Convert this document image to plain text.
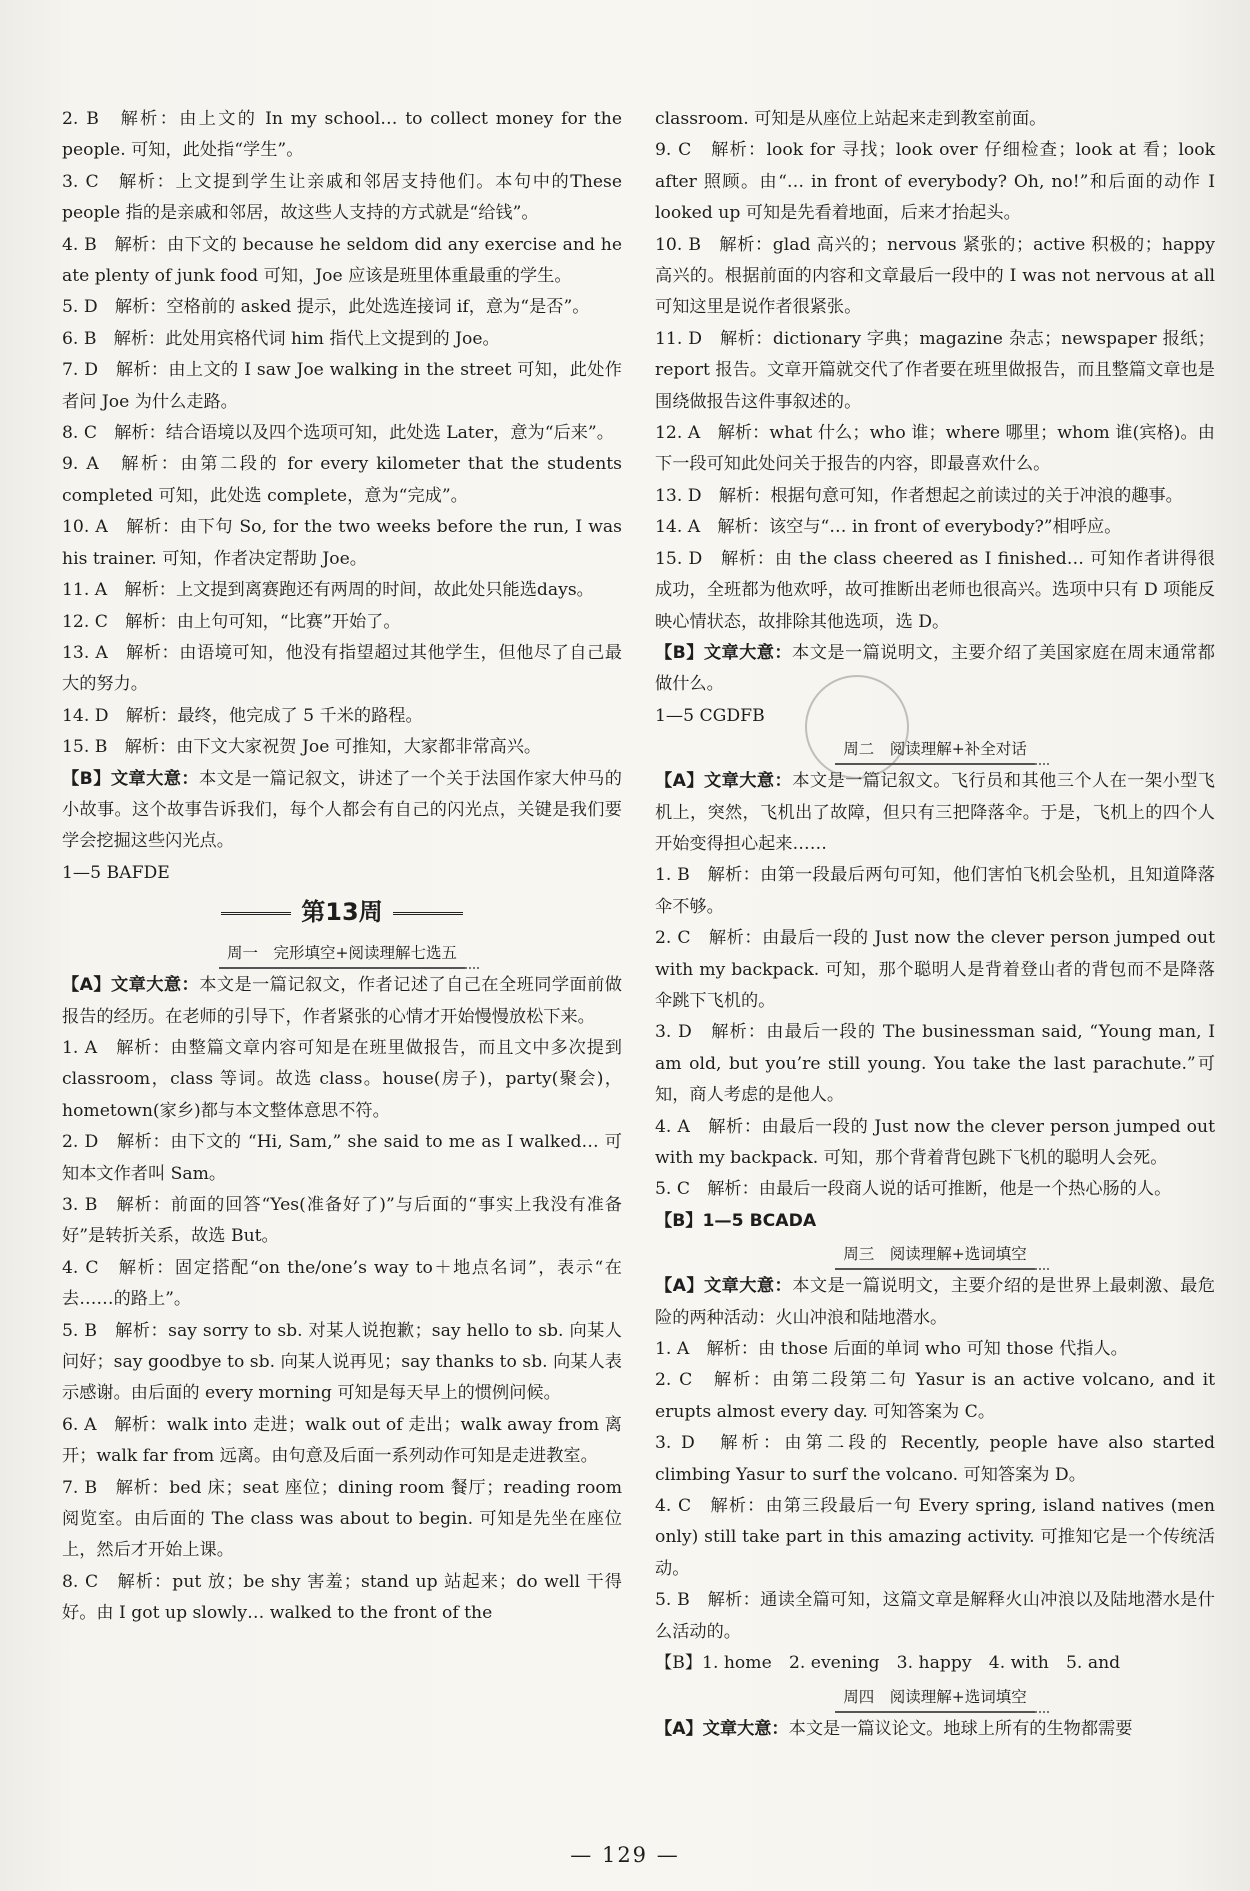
2. B　解析：由上文的 In my school… to collect money for the people. 可知，此处指“学生”。

3. C　解析：上文提到学生让亲戚和邻居支持他们。本句中的These people 指的是亲戚和邻居，故这些人支持的方式就是“给钱”。

4. B　解析：由下文的 because he seldom did any exercise and he ate plenty of junk food 可知，Joe 应该是班里体重最重的学生。

5. D　解析：空格前的 asked 提示，此处选连接词 if，意为“是否”。

6. B　解析：此处用宾格代词 him 指代上文提到的 Joe。

7. D　解析：由上文的 I saw Joe walking in the street 可知，此处作者问 Joe 为什么走路。

8. C　解析：结合语境以及四个选项可知，此处选 Later，意为“后来”。

9. A　解析：由第二段的 for every kilometer that the students completed 可知，此处选 complete，意为“完成”。

10. A　解析：由下句 So, for the two weeks before the run, I was his trainer. 可知，作者决定帮助 Joe。

11. A　解析：上文提到离赛跑还有两周的时间，故此处只能选days。

12. C　解析：由上句可知，“比赛”开始了。

13. A　解析：由语境可知，他没有指望超过其他学生，但他尽了自己最大的努力。

14. D　解析：最终，他完成了 5 千米的路程。

15. B　解析：由下文大家祝贺 Joe 可推知，大家都非常高兴。

【B】文章大意：本文是一篇记叙文，讲述了一个关于法国作家大仲马的小故事。这个故事告诉我们，每个人都会有自己的闪光点，关键是我们要学会挖掘这些闪光点。

1—5 BAFDE

第13周
周一　完形填空+阅读理解七选五

【A】文章大意：本文是一篇记叙文，作者记述了自己在全班同学面前做报告的经历。在老师的引导下，作者紧张的心情才开始慢慢放松下来。

1. A　解析：由整篇文章内容可知是在班里做报告，而且文中多次提到 classroom，class 等词。故选 class。house(房子)，party(聚会)，hometown(家乡)都与本文整体意思不符。

2. D　解析：由下文的 “Hi, Sam,” she said to me as I walked… 可知本文作者叫 Sam。

3. B　解析：前面的回答“Yes(准备好了)”与后面的“事实上我没有准备好”是转折关系，故选 But。

4. C　解析：固定搭配“on the/one’s way to＋地点名词”，表示“在去……的路上”。

5. B　解析：say sorry to sb. 对某人说抱歉；say hello to sb. 向某人问好；say goodbye to sb. 向某人说再见；say thanks to sb. 向某人表示感谢。由后面的 every morning 可知是每天早上的惯例问候。

6. A　解析：walk into 走进；walk out of 走出；walk away from 离开；walk far from 远离。由句意及后面一系列动作可知是走进教室。

7. B　解析：bed 床；seat 座位；dining room 餐厅；reading room 阅览室。由后面的 The class was about to begin. 可知是先坐在座位上，然后才开始上课。

8. C　解析：put 放；be shy 害羞；stand up 站起来；do well 干得好。由 I got up slowly… walked to the front of the

classroom. 可知是从座位上站起来走到教室前面。

9. C　解析：look for 寻找；look over 仔细检查；look at 看；look after 照顾。由“… in front of everybody? Oh, no!”和后面的动作 I looked up 可知是先看着地面，后来才抬起头。

10. B　解析：glad 高兴的；nervous 紧张的；active 积极的；happy 高兴的。根据前面的内容和文章最后一段中的 I was not nervous at all 可知这里是说作者很紧张。

11. D　解析：dictionary 字典；magazine 杂志；newspaper 报纸；report 报告。文章开篇就交代了作者要在班里做报告，而且整篇文章也是围绕做报告这件事叙述的。

12. A　解析：what 什么；who 谁；where 哪里；whom 谁(宾格)。由下一段可知此处问关于报告的内容，即最喜欢什么。

13. D　解析：根据句意可知，作者想起之前读过的关于冲浪的趣事。

14. A　解析：该空与“… in front of everybody?”相呼应。

15. D　解析：由 the class cheered as I finished… 可知作者讲得很成功，全班都为他欢呼，故可推断出老师也很高兴。选项中只有 D 项能反映心情状态，故排除其他选项，选 D。

【B】文章大意：本文是一篇说明文，主要介绍了美国家庭在周末通常都做什么。

1—5 CGDFB

周二　阅读理解+补全对话

【A】文章大意：本文是一篇记叙文。飞行员和其他三个人在一架小型飞机上，突然，飞机出了故障，但只有三把降落伞。于是，飞机上的四个人开始变得担心起来……

1. B　解析：由第一段最后两句可知，他们害怕飞机会坠机，且知道降落伞不够。

2. C　解析：由最后一段的 Just now the clever person jumped out with my backpack. 可知，那个聪明人是背着登山者的背包而不是降落伞跳下飞机的。

3. D　解析：由最后一段的 The businessman said, “Young man, I am old, but you’re still young. You take the last parachute.”可知，商人考虑的是他人。

4. A　解析：由最后一段的 Just now the clever person jumped out with my backpack. 可知，那个背着背包跳下飞机的聪明人会死。

5. C　解析：由最后一段商人说的话可推断，他是一个热心肠的人。

【B】1—5 BCADA

周三　阅读理解+选词填空

【A】文章大意：本文是一篇说明文，主要介绍的是世界上最刺激、最危险的两种活动：火山冲浪和陆地潜水。

1. A　解析：由 those 后面的单词 who 可知 those 代指人。

2. C　解析：由第二段第二句 Yasur is an active volcano, and it erupts almost every day. 可知答案为 C。

3. D　解析：由第二段的 Recently, people have also started climbing Yasur to surf the volcano. 可知答案为 D。

4. C　解析：由第三段最后一句 Every spring, island natives (men only) still take part in this amazing activity. 可推知它是一个传统活动。

5. B　解析：通读全篇可知，这篇文章是解释火山冲浪以及陆地潜水是什么活动的。

【B】1. home　2. evening　3. happy　4. with　5. and

周四　阅读理解+选词填空

【A】文章大意：本文是一篇议论文。地球上所有的生物都需要

— 129 —
